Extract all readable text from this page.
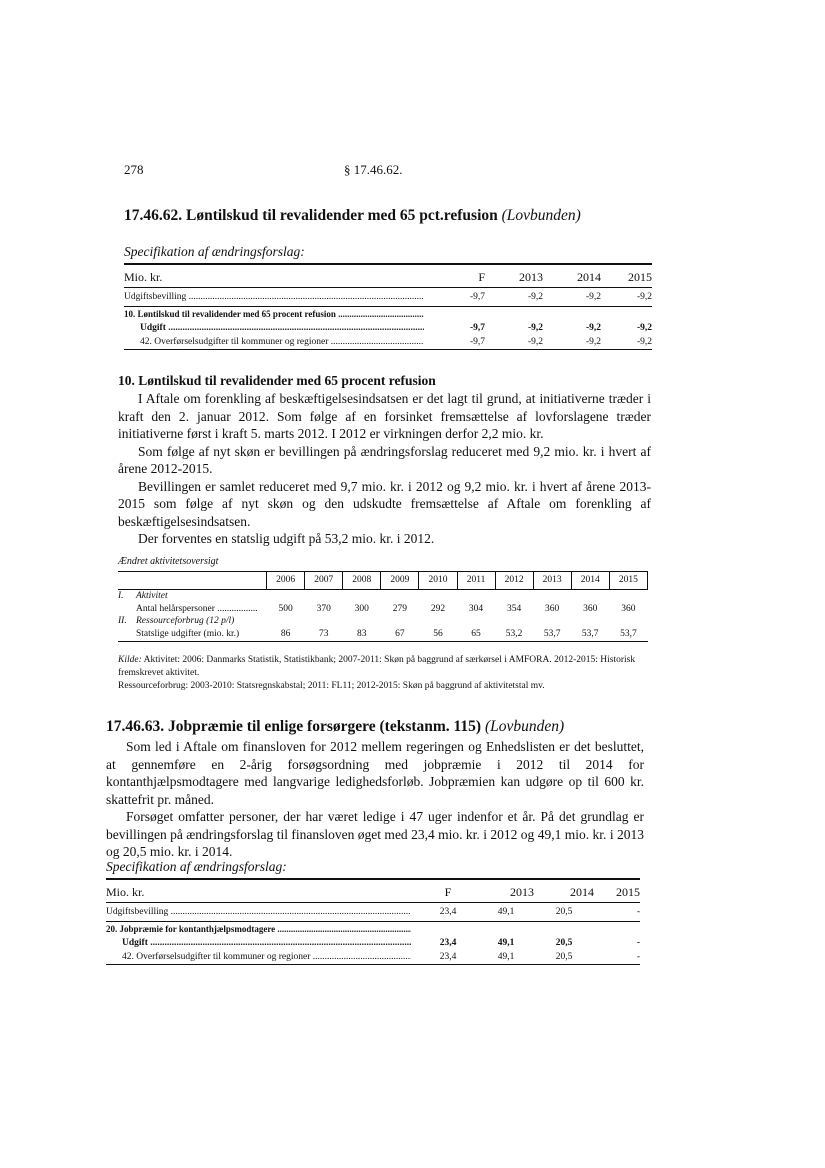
278	§ 17.46.62.
17.46.62. Løntilskud til revalidender med 65 pct.refusion (Lovbunden)
Specifikation af ændringsforslag:
Mio. kr.	F	2013	2014	2015

Udgiftsbevilling .....	-9,7	-9,2	-9,2	-9,2

10. Løntilskud til revalidender med 65 procent refusion .....

Udgift .....	-9,7	-9,2	-9,2	-9,2

42. Overførselsudgifter til kommuner og regioner .....	-9,7	-9,2	-9,2	-9,2
10. Løntilskud til revalidender med 65 procent refusion

I Aftale om forenkling af beskæftigelsesindsatsen er det lagt til grund, at initiativerne træder i kraft den 2. januar 2012. Som følge af en forsinket fremsættelse af lovforslagene træder initiativerne først i kraft 5. marts 2012. I 2012 er virkningen derfor 2,2 mio. kr.

Som følge af nyt skøn er bevillingen på ændringsforslag reduceret med 9,2 mio. kr. i hvert af årene 2012-2015.

Bevillingen er samlet reduceret med 9,7 mio. kr. i 2012 og 9,2 mio. kr. i hvert af årene 2013-2015 som følge af nyt skøn og den udskudte fremsættelse af Aftale om forenkling af beskæftigelsesindsatsen.

Der forventes en statslig udgift på 53,2 mio. kr. i 2012.

Ændret aktivitetsoversigt
	2006	2007	2008	2009	2010	2011	2012	2013	2014	2015
I. Aktivitet										

Antal helårspersoner .....	500	370	300	279	292	304	354	360	360	360
II. Ressourceforbrug (12 p/l)										
Statslige udgifter (mio. kr.)	86	73	83	67	56	65	53,2	53,7	53,7	53,7
Kilde: Aktivitet: 2006: Danmarks Statistik, Statistikbank; 2007-2011: Skøn på baggrund af særkørsel i AMFORA. 2012-2015: Historisk fremskrevet aktivitet.
Ressourceforbrug: 2003-2010: Statsregnskabstal; 2011: FL11; 2012-2015: Skøn på baggrund af aktivitetstal mv.
17.46.63. Jobpræmie til enlige forsørgere (tekstanm. 115) (Lovbunden)

Som led i Aftale om finansloven for 2012 mellem regeringen og Enhedslisten er det besluttet, at gennemføre en 2-årig forsøgsordning med jobpræmie i 2012 til 2014 for kontanthjælpsmodtagere med langvarige ledighedsforløb. Jobpræmien kan udgøre op til 600 kr. skattefrit pr. måned.

Forsøget omfatter personer, der har været ledige i 47 uger indenfor et år. På det grundlag er bevillingen på ændringsforslag til finansloven øget med 23,4 mio. kr. i 2012 og 49,1 mio. kr. i 2013 og 20,5 mio. kr. i 2014.

Specifikation af ændringsforslag:
Mio. kr.	F	2013	2014	2015

Udgiftsbevilling .....	23,4	49,1	20,5	-

20. Jobpræmie for kontanthjælpsmodtagere .....

Udgift .....	23,4	49,1	20,5	-

42. Overførselsudgifter til kommuner og regioner .....	23,4	49,1	20,5	-
